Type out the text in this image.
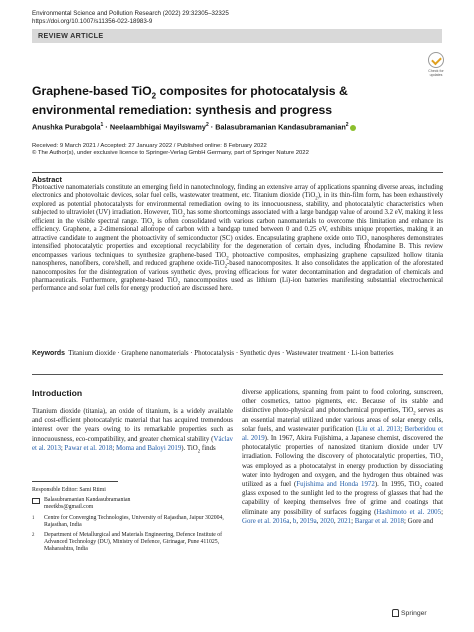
Environmental Science and Pollution Research (2022) 29:32305–32325
https://doi.org/10.1007/s11356-022-18983-9
REVIEW ARTICLE
Check for updates
Graphene-based TiO$_2$ composites for photocatalysis & environmental remediation: synthesis and progress
Anushka Purabgola$^1$ · Neelaambhigai Mayilswamy$^2$ · Balasubramanian Kandasubramanian$^2$
Received: 9 March 2021 / Accepted: 27 January 2022 / Published online: 8 February 2022
© The Author(s), under exclusive licence to Springer-Verlag GmbH Germany, part of Springer Nature 2022
Abstract

Photoactive nanomaterials constitute an emerging field in nanotechnology, finding an extensive array of applications spanning diverse areas, including electronics and photovoltaic devices, solar fuel cells, wastewater treatment, etc. Titanium dioxide (TiO$_2$), in its thin-film form, has been exhaustively explored as potential photocatalysts for environmental remediation owing to its innocuousness, stability, and photocatalytic characteristics when subjected to ultraviolet (UV) irradiation. However, TiO$_2$ has some shortcomings associated with a large bandgap value of around 3.2 eV, making it less efficient in the visible spectral range. TiO$_2$ is often consolidated with various carbon nanomaterials to overcome this limitation and enhance its efficiency. Graphene, a 2-dimensional allotrope of carbon with a bandgap tuned between 0 and 0.25 eV, exhibits unique properties, making it an attractive candidate to augment the photoactivity of semiconductor (SC) oxides. Encapsulating graphene oxide onto TiO$_2$ nanospheres demonstrates intensified photocatalytic properties and exceptional recyclability for the degeneration of certain dyes, including Rhodamine B. This review encompasses various techniques to synthesize graphene-based TiO$_2$ photoactive composites, emphasizing graphene capsulized hollow titania nanospheres, nanofibers, core/shell, and reduced graphene oxide-TiO$_2$-based nanocomposites. It also consolidates the application of the aforestated nanocomposites for the disintegration of various synthetic dyes, proving efficacious for water decontamination and degradation of chemicals and pharmaceuticals. Furthermore, graphene-based TiO$_2$ nanocomposites used as lithium (Li)-ion batteries manifesting substantial electrochemical performance and solar fuel cells for energy production are discussed here.

Keywords Titanium dioxide · Graphene nanomaterials · Photocatalysis · Synthetic dyes · Wastewater treatment · Li-ion batteries

Introduction

Titanium dioxide (titania), an oxide of titanium, is a widely available and cost-efficient photocatalytic material that has acquired tremendous interest over the years owing to its remarkable properties such as innocuousness, eco-compatibility, and greater chemical stability (Václav et al. 2013; Pawar et al. 2018; Moma and Baloyi 2019). TiO$_2$ finds

Responsible Editor: Sami Rtimi
Balasubramanian Kandasubramanian
meetkbs@gmail.com
$^1$	Centre for Converging Technologies, University of Rajasthan, Jaipur 302004, Rajasthan, India
$^2$	Department of Metallurgical and Materials Engineering, Defence Institute of Advanced Technology (DU), Ministry of Defence, Girinagar, Pune 411025, Maharashtra, India

diverse applications, spanning from paint to food coloring, sunscreen, other cosmetics, tattoo pigments, etc. Because of its stable and distinctive photo-physical and photochemical properties, TiO$_2$ serves as an essential material utilized under various areas of solar energy cells, solar fuels, and wastewater purification (Liu et al. 2013; Berberidou et al. 2019). In 1967, Akira Fujishima, a Japanese chemist, discovered the photocatalytic properties of nanosized titanium dioxide under UV irradiation. Following the discovery of photocatalytic properties, TiO$_2$ was employed as a photocatalyst in energy production by dissociating water into hydrogen and oxygen, and the hydrogen thus obtained was utilized as a fuel (Fujishima and Honda 1972). In 1995, TiO$_2$ coated glass exposed to the sunlight led to the progress of glasses that had the capability of keeping themselves free of grime and coatings that eliminate any possibility of surfaces fogging (Hashimoto et al. 2005; Gore et al. 2016a, b, 2019a, 2020, 2021; Bargar et al. 2018; Gore and

Springer
